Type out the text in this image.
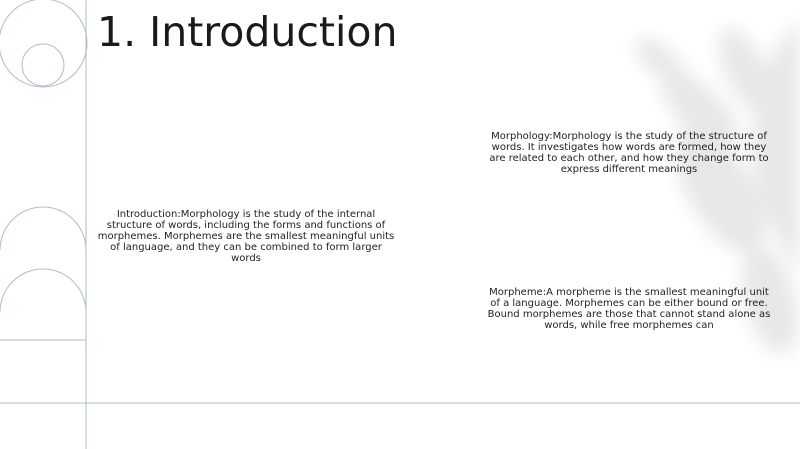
1. Introduction

Introduction:Morphology is the study of the internal structure of words, including the forms and functions of morphemes. Morphemes are the smallest meaningful units of language, and they can be combined to form larger words

Morphology:Morphology is the study of the structure of words. It investigates how words are formed, how they are related to each other, and how they change form to express different meanings

Morpheme:A morpheme is the smallest meaningful unit of a language. Morphemes can be either bound or free. Bound morphemes are those that cannot stand alone as words, while free morphemes can
